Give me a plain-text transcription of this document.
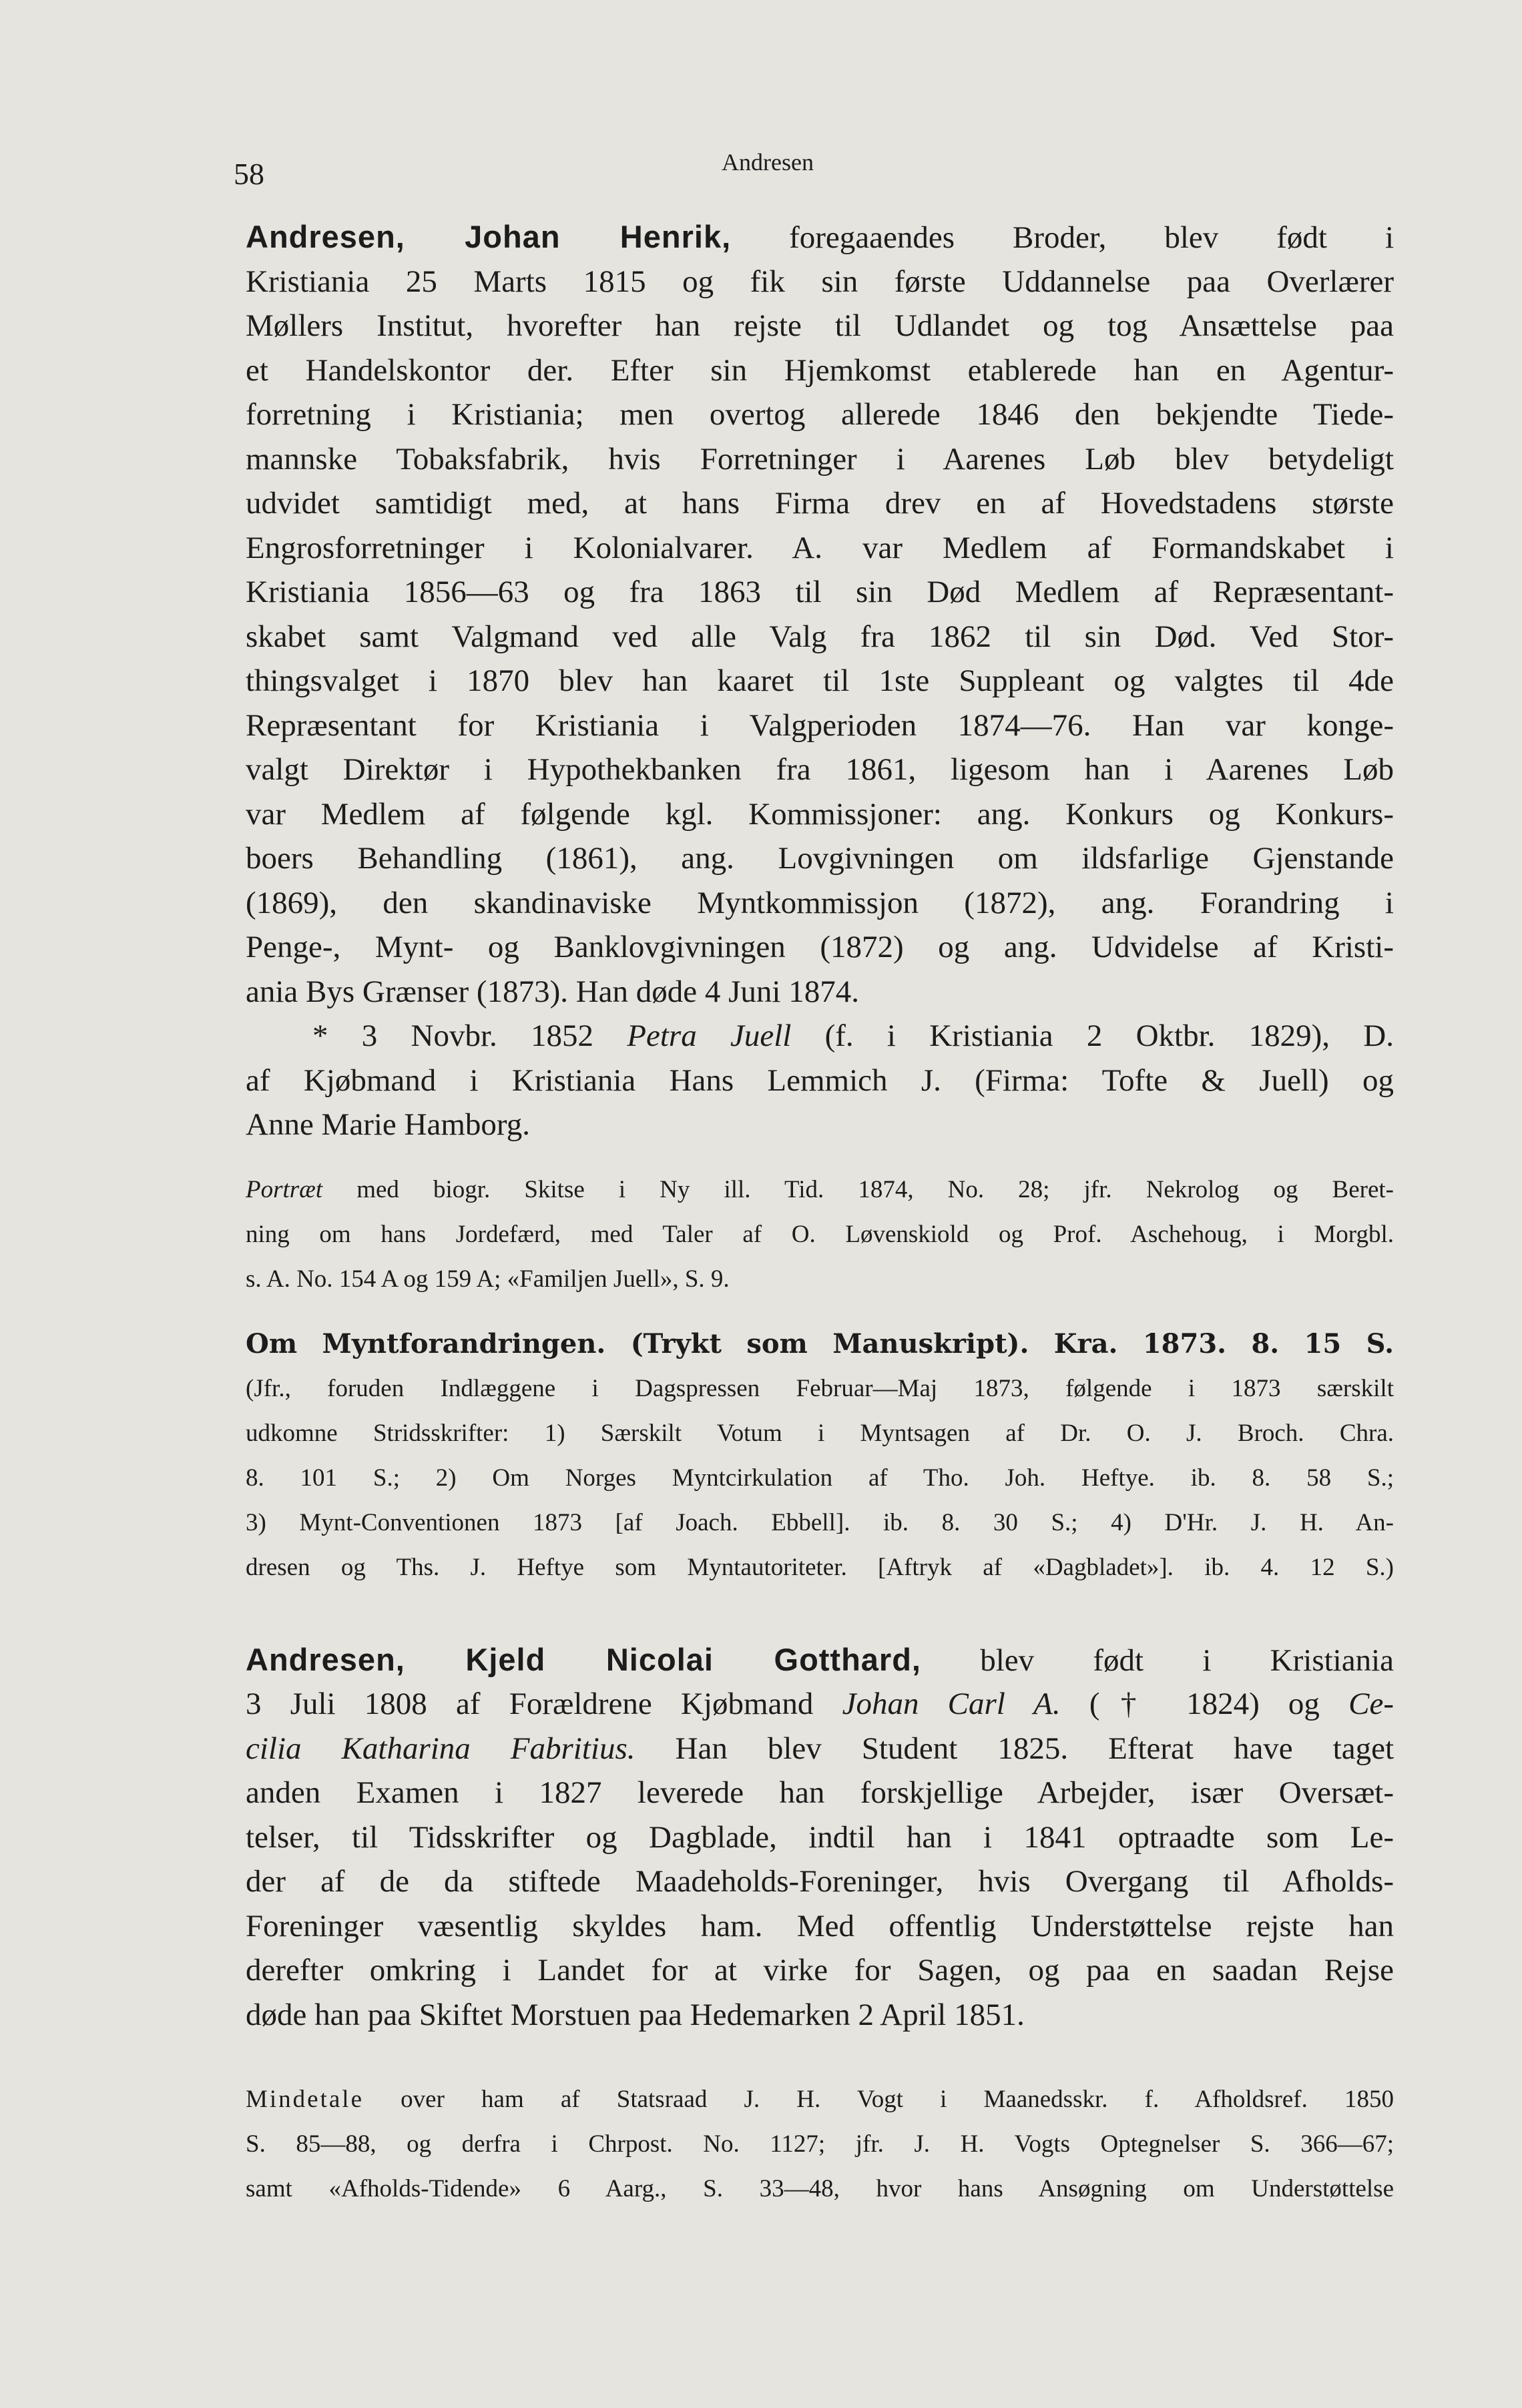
58	Andresen
Andresen, Johan Henrik, foregaaendes Broder, blev født i
Kristiania 25 Marts 1815 og fik sin første Uddannelse paa Overlærer
Møllers Institut, hvorefter han rejste til Udlandet og tog Ansættelse paa
et Handelskontor der. Efter sin Hjemkomst etablerede han en Agentur-
forretning i Kristiania; men overtog allerede 1846 den bekjendte Tiede-
mannske Tobaksfabrik, hvis Forretninger i Aarenes Løb blev betydeligt
udvidet samtidigt med, at hans Firma drev en af Hovedstadens største
Engrosforretninger i Kolonialvarer. A. var Medlem af Formandskabet i
Kristiania 1856—63 og fra 1863 til sin Død Medlem af Repræsentant-
skabet samt Valgmand ved alle Valg fra 1862 til sin Død. Ved Stor-
thingsvalget i 1870 blev han kaaret til 1ste Suppleant og valgtes til 4de
Repræsentant for Kristiania i Valgperioden 1874—76. Han var konge-
valgt Direktør i Hypothekbanken fra 1861, ligesom han i Aarenes Løb
var Medlem af følgende kgl. Kommissjoner: ang. Konkurs og Konkurs-
boers Behandling (1861), ang. Lovgivningen om ildsfarlige Gjenstande
(1869), den skandinaviske Myntkommissjon (1872), ang. Forandring i
Penge-, Mynt- og Banklovgivningen (1872) og ang. Udvidelse af Kristi-
ania Bys Grænser (1873). Han døde 4 Juni 1874.
* 3 Novbr. 1852 Petra Juell (f. i Kristiania 2 Oktbr. 1829), D.
af Kjøbmand i Kristiania Hans Lemmich J. (Firma: Tofte & Juell) og
Anne Marie Hamborg.
Portræt med biogr. Skitse i Ny ill. Tid. 1874, No. 28; jfr. Nekrolog og Beret-
ning om hans Jordefærd, med Taler af O. Løvenskiold og Prof. Aschehoug, i Morgbl.
s. A. No. 154 A og 159 A; «Familjen Juell», S. 9.
Om Myntforandringen. (Trykt som Manuskript). Kra. 1873. 8. 15 S.
(Jfr., foruden Indlæggene i Dagspressen Februar—Maj 1873, følgende i 1873 særskilt
udkomne Stridsskrifter: 1) Særskilt Votum i Myntsagen af Dr. O. J. Broch. Chra.
8. 101 S.; 2) Om Norges Myntcirkulation af Tho. Joh. Heftye. ib. 8. 58 S.;
3) Mynt-Conventionen 1873 [af Joach. Ebbell]. ib. 8. 30 S.; 4) D'Hr. J. H. An-
dresen og Ths. J. Heftye som Myntautoriteter. [Aftryk af «Dagbladet»]. ib. 4. 12 S.)
Andresen, Kjeld Nicolai Gotthard, blev født i Kristiania
3 Juli 1808 af Forældrene Kjøbmand Johan Carl A. († 1824) og Ce-
cilia Katharina Fabritius. Han blev Student 1825. Efterat have taget
anden Examen i 1827 leverede han forskjellige Arbejder, især Oversæt-
telser, til Tidsskrifter og Dagblade, indtil han i 1841 optraadte som Le-
der af de da stiftede Maadeholds-Foreninger, hvis Overgang til Afholds-
Foreninger væsentlig skyldes ham. Med offentlig Understøttelse rejste han
derefter omkring i Landet for at virke for Sagen, og paa en saadan Rejse
døde han paa Skiftet Morstuen paa Hedemarken 2 April 1851.
Mindetale over ham af Statsraad J. H. Vogt i Maanedsskr. f. Afholdsref. 1850
S. 85—88, og derfra i Chrpost. No. 1127; jfr. J. H. Vogts Optegnelser S. 366—67;
samt «Afholds-Tidende» 6 Aarg., S. 33—48, hvor hans Ansøgning om Understøttelse
